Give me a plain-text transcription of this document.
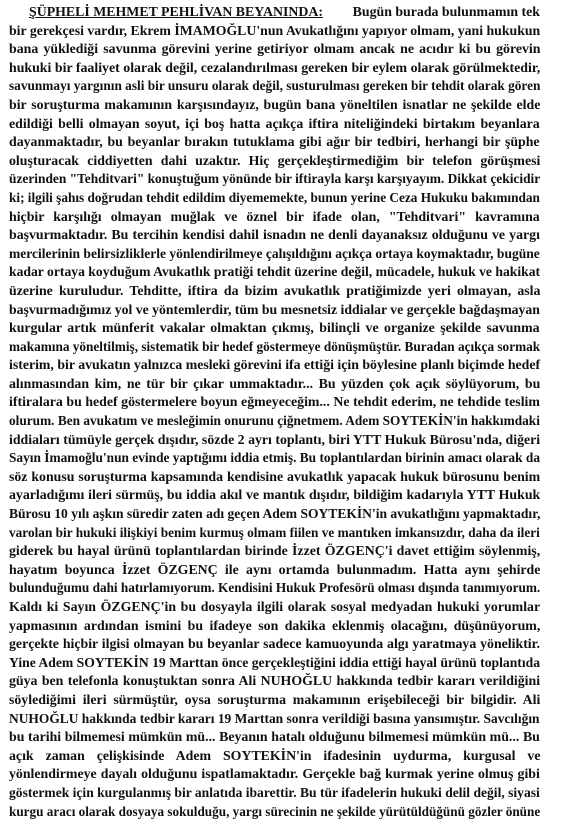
ŞÜPHELİ MEHMET PEHLİVAN BEYANINDA: Bugün burada bulunmamın tek
bir gerekçesi vardır, Ekrem İMAMOĞLU'nun Avukatlığını yapıyor olmam, yani hukukun
bana yüklediği savunma görevini yerine getiriyor olmam ancak ne acıdır ki bu görevin
hukuki bir faaliyet olarak değil, cezalandırılması gereken bir eylem olarak görülmektedir,
savunmayı yargının asli bir unsuru olarak değil, susturulması gereken bir tehdit olarak gören
bir soruşturma makamının karşısındayız, bugün bana yöneltilen isnatlar ne şekilde elde
edildiği belli olmayan soyut, içi boş hatta açıkça iftira niteliğindeki birtakım beyanlara
dayanmaktadır, bu beyanlar bırakın tutuklama gibi ağır bir tedbiri, herhangi bir şüphe
oluşturacak ciddiyetten dahi uzaktır. Hiç gerçekleştirmediğim bir telefon görüşmesi
üzerinden "Tehditvari" konuştuğum yönünde bir iftirayla karşı karşıyayım. Dikkat çekicidir
ki; ilgili şahıs doğrudan tehdit edildim diyememekte, bunun yerine Ceza Hukuku bakımından
hiçbir karşılığı olmayan muğlak ve öznel bir ifade olan, "Tehditvari" kavramına
başvurmaktadır. Bu tercihin kendisi dahil isnadın ne denli dayanaksız olduğunu ve yargı
mercilerinin belirsizliklerle yönlendirilmeye çalışıldığını açıkça ortaya koymaktadır, bugüne
kadar ortaya koyduğum Avukatlık pratiği tehdit üzerine değil, mücadele, hukuk ve hakikat
üzerine kuruludur. Tehditte, iftira da bizim avukatlık pratiğimizde yeri olmayan, asla
başvurmadığımız yol ve yöntemlerdir, tüm bu mesnetsiz iddialar ve gerçekle bağdaşmayan
kurgular artık münferit vakalar olmaktan çıkmış, bilinçli ve organize şekilde savunma
makamına yöneltilmiş, sistematik bir hedef göstermeye dönüşmüştür. Buradan açıkça sormak
isterim, bir avukatın yalnızca mesleki görevini ifa ettiği için böylesine planlı biçimde hedef
alınmasından kim, ne tür bir çıkar ummaktadır... Bu yüzden çok açık söylüyorum, bu
iftiralara bu hedef göstermelere boyun eğmeyeceğim... Ne tehdit ederim, ne tehdide teslim
olurum. Ben avukatım ve mesleğimin onurunu çiğnetmem. Adem SOYTEKİN'in hakkımdaki
iddiaları tümüyle gerçek dışıdır, sözde 2 ayrı toplantı, biri YTT Hukuk Bürosu'nda, diğeri
Sayın İmamoğlu'nun evinde yaptığımı iddia etmiş. Bu toplantılardan birinin amacı olarak da
söz konusu soruşturma kapsamında kendisine avukatlık yapacak hukuk bürosunu benim
ayarladığımı ileri sürmüş, bu iddia akıl ve mantık dışıdır, bildiğim kadarıyla YTT Hukuk
Bürosu 10 yılı aşkın süredir zaten adı geçen Adem SOYTEKİN'in avukatlığını yapmaktadır,
varolan bir hukuki ilişkiyi benim kurmuş olmam fiilen ve mantıken imkansızdır, daha da ileri
giderek bu hayal ürünü toplantılardan birinde İzzet ÖZGENÇ'i davet ettiğim söylenmiş,
hayatım boyunca İzzet ÖZGENÇ ile aynı ortamda bulunmadım. Hatta aynı şehirde
bulunduğumu dahi hatırlamıyorum. Kendisini Hukuk Profesörü olması dışında tanımıyorum.
Kaldı ki Sayın ÖZGENÇ'in bu dosyayla ilgili olarak sosyal medyadan hukuki yorumlar
yapmasının ardından ismini bu ifadeye son dakika eklenmiş olacağını, düşünüyorum,
gerçekte hiçbir ilgisi olmayan bu beyanlar sadece kamuoyunda algı yaratmaya yöneliktir.
Yine Adem SOYTEKİN 19 Marttan önce gerçekleştiğini iddia ettiği hayal ürünü toplantıda
güya ben telefonla konuştuktan sonra Ali NUHOĞLU hakkında tedbir kararı verildiğini
söylediğimi ileri sürmüştür, oysa soruşturma makamının erişebileceği bir bilgidir. Ali
NUHOĞLU hakkında tedbir kararı 19 Marttan sonra verildiği basına yansımıştır. Savcılığın
bu tarihi bilmemesi mümkün mü... Beyanın hatalı olduğunu bilmemesi mümkün mü... Bu
açık zaman çelişkisinde Adem SOYTEKİN'in ifadesinin uydurma, kurgusal ve
yönlendirmeye dayalı olduğunu ispatlamaktadır. Gerçekle bağ kurmak yerine olmuş gibi
göstermek için kurgulanmış bir anlatıda ibarettir. Bu tür ifadelerin hukuki delil değil, siyasi
kurgu aracı olarak dosyaya sokulduğu, yargı sürecinin ne şekilde yürütüldüğünü gözler önüne
